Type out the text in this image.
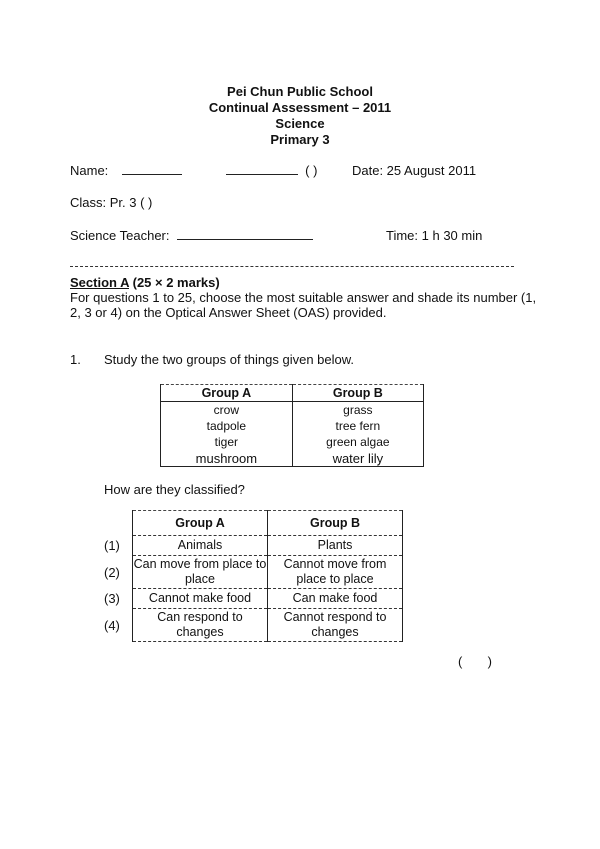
Pei Chun Public School
Continual Assessment – 2011
Science
Primary 3
Name:	( )	Date: 25 August 2011
Class: Pr. 3 ( )
Science Teacher:	Time: 1 h 30 min
Section A (25 × 2 marks)
For questions 1 to 25, choose the most suitable answer and shade its number (1, 2, 3 or 4) on the Optical Answer Sheet (OAS) provided.
1. Study the two groups of things given below.
Group A	Group B
crow	grass
tadpole	tree fern
tiger	green algae
mushroom	water lily
How are they classified?
	Group A	Group B
(1)	Animals	Plants
(2)	Can move from place to place	Cannot move from place to place
(3)	Cannot make food	Can make food
(4)	Can respond to changes	Cannot respond to changes
(       )
